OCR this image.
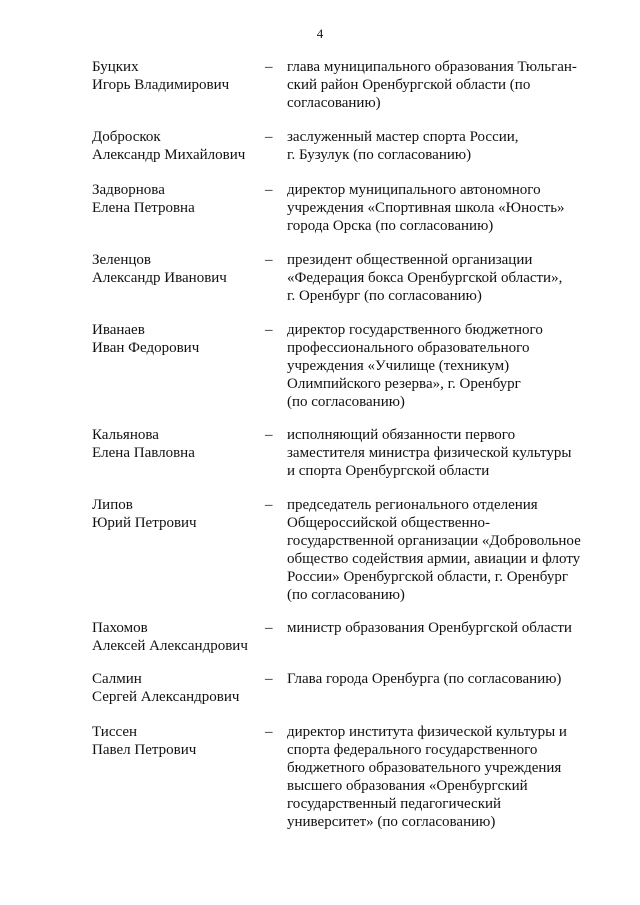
4
Буцких
Игорь Владимирович
– глава муниципального образования Тюльган-
ский район Оренбургской области (по
согласованию)
Доброскок
Александр Михайлович
– заслуженный мастер спорта России,
г. Бузулук (по согласованию)
Задворнова
Елена Петровна
– директор муниципального автономного
учреждения «Спортивная школа «Юность»
города Орска (по согласованию)
Зеленцов
Александр Иванович
– президент общественной организации
«Федерация бокса Оренбургской области»,
г. Оренбург (по согласованию)
Иванаев
Иван Федорович
– директор государственного бюджетного
профессионального образовательного
учреждения «Училище (техникум)
Олимпийского резерва», г. Оренбург
(по согласованию)
Кальянова
Елена Павловна
– исполняющий обязанности первого
заместителя министра физической культуры
и спорта Оренбургской области
Липов
Юрий Петрович
– председатель регионального отделения
Общероссийской общественно-
государственной организации «Добровольное
общество содействия армии, авиации и флоту
России» Оренбургской области, г. Оренбург
(по согласованию)
Пахомов
Алексей Александрович
– министр образования Оренбургской области
Салмин
Сергей Александрович
– Глава города Оренбурга (по согласованию)
Тиссен
Павел Петрович
– директор института физической культуры и
спорта федерального государственного
бюджетного образовательного учреждения
высшего образования «Оренбургский
государственный педагогический
университет» (по согласованию)
